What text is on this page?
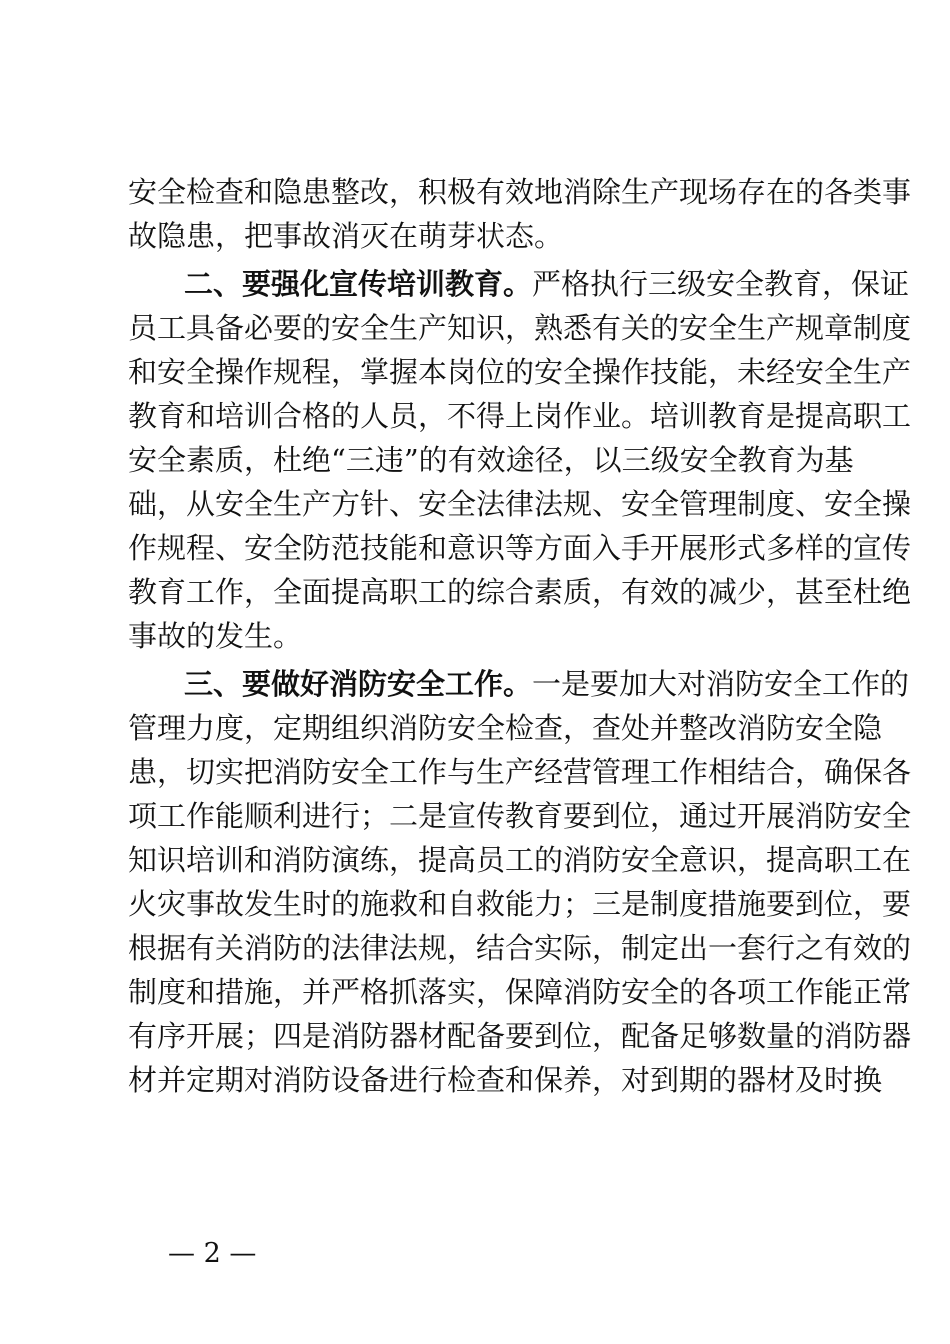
安全检查和隐患整改，积极有效地消除生产现场存在的各类事
故隐患，把事故消灭在萌芽状态。
二、要强化宣传培训教育。严格执行三级安全教育，保证
员工具备必要的安全生产知识，熟悉有关的安全生产规章制度
和安全操作规程，掌握本岗位的安全操作技能，未经安全生产
教育和培训合格的人员，不得上岗作业。培训教育是提高职工
安全素质，杜绝“三违”的有效途径，以三级安全教育为基
础，从安全生产方针、安全法律法规、安全管理制度、安全操
作规程、安全防范技能和意识等方面入手开展形式多样的宣传
教育工作，全面提高职工的综合素质，有效的减少，甚至杜绝
事故的发生。
三、要做好消防安全工作。一是要加大对消防安全工作的
管理力度，定期组织消防安全检查，查处并整改消防安全隐
患，切实把消防安全工作与生产经营管理工作相结合，确保各
项工作能顺利进行；二是宣传教育要到位，通过开展消防安全
知识培训和消防演练，提高员工的消防安全意识，提高职工在
火灾事故发生时的施救和自救能力；三是制度措施要到位，要
根据有关消防的法律法规，结合实际，制定出一套行之有效的
制度和措施，并严格抓落实，保障消防安全的各项工作能正常
有序开展；四是消防器材配备要到位，配备足够数量的消防器
材并定期对消防设备进行检查和保养，对到期的器材及时换
— 2 —
